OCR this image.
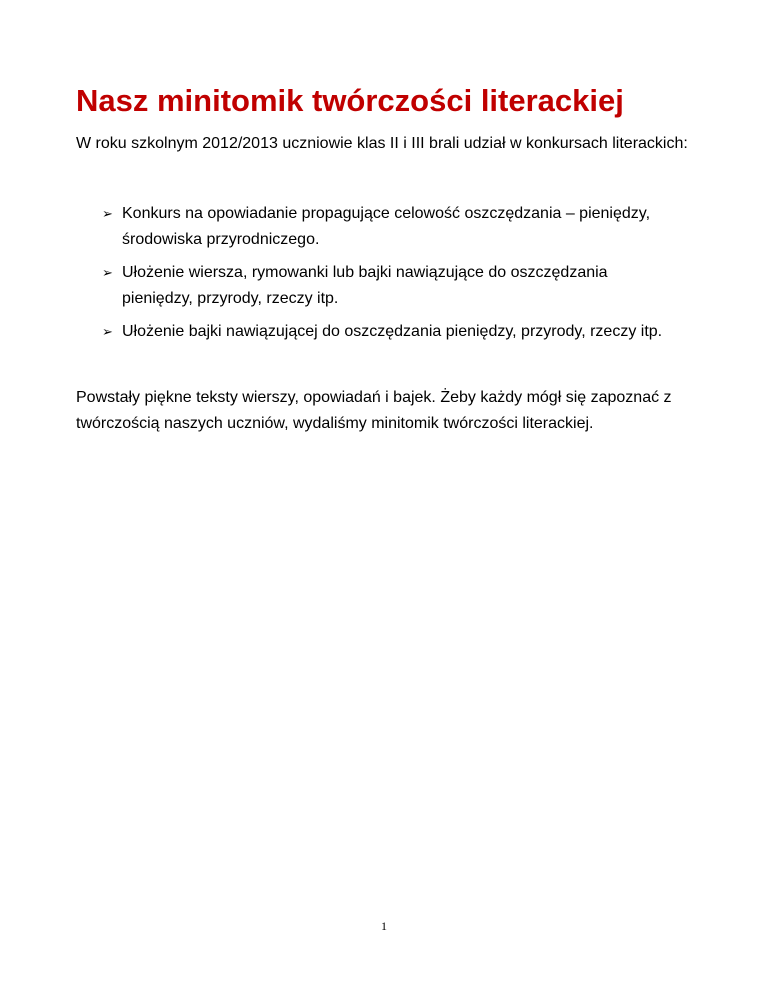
Nasz minitomik twórczości literackiej

W roku szkolnym 2012/2013 uczniowie klas II i III brali udział w konkursach literackich:

➢ Konkurs na opowiadanie propagujące celowość oszczędzania – pieniędzy, środowiska przyrodniczego.
➢ Ułożenie wiersza, rymowanki lub bajki nawiązujące do oszczędzania pieniędzy, przyrody, rzeczy itp.
➢ Ułożenie bajki nawiązującej do oszczędzania pieniędzy, przyrody, rzeczy itp.

Powstały piękne teksty wierszy, opowiadań i bajek. Żeby każdy mógł się zapoznać z twórczością naszych uczniów, wydaliśmy minitomik twórczości literackiej.

1
